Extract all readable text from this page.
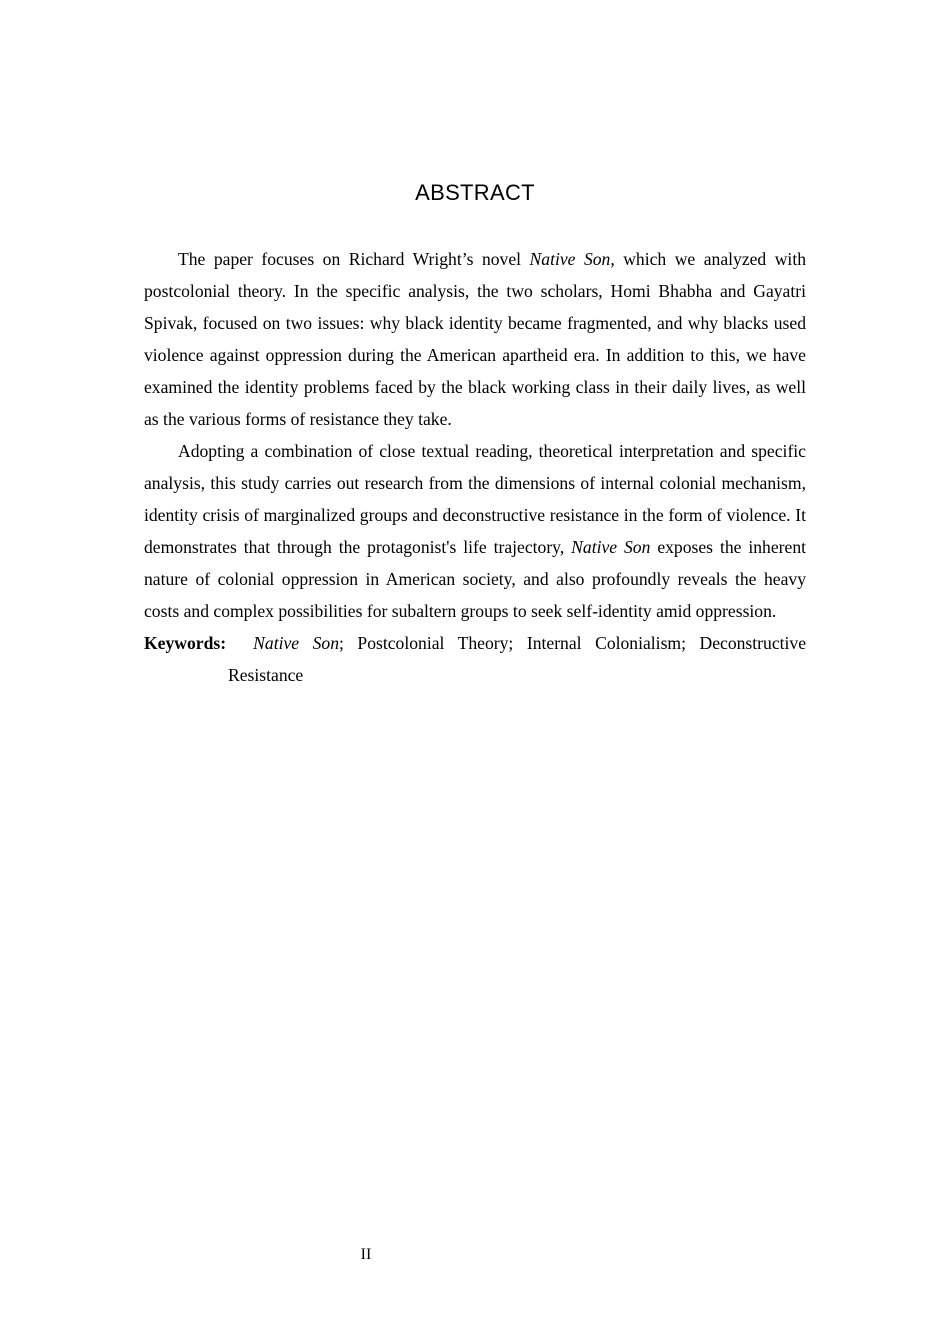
ABSTRACT

The paper focuses on Richard Wright’s novel Native Son, which we analyzed with postcolonial theory. In the specific analysis, the two scholars, Homi Bhabha and Gayatri Spivak, focused on two issues: why black identity became fragmented, and why blacks used violence against oppression during the American apartheid era. In addition to this, we have examined the identity problems faced by the black working class in their daily lives, as well as the various forms of resistance they take.

Adopting a combination of close textual reading, theoretical interpretation and specific analysis, this study carries out research from the dimensions of internal colonial mechanism, identity crisis of marginalized groups and deconstructive resistance in the form of violence. It demonstrates that through the protagonist's life trajectory, Native Son exposes the inherent nature of colonial oppression in American society, and also profoundly reveals the heavy costs and complex possibilities for subaltern groups to seek self-identity amid oppression.

Keywords: Native Son; Postcolonial Theory; Internal Colonialism; Deconstructive Resistance

II
